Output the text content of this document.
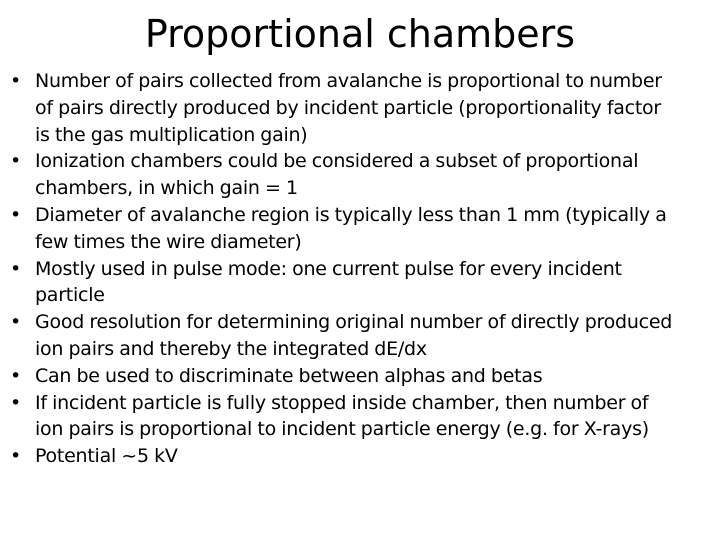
Proportional chambers
• Number of pairs collected from avalanche is proportional to number
of pairs directly produced by incident particle (proportionality factor
is the gas multiplication gain)
• Ionization chambers could be considered a subset of proportional
chambers, in which gain = 1
• Diameter of avalanche region is typically less than 1 mm (typically a
few times the wire diameter)
• Mostly used in pulse mode: one current pulse for every incident
particle
• Good resolution for determining original number of directly produced
ion pairs and thereby the integrated dE/dx
• Can be used to discriminate between alphas and betas
• If incident particle is fully stopped inside chamber, then number of
ion pairs is proportional to incident particle energy (e.g. for X-rays)
• Potential ~5 kV
